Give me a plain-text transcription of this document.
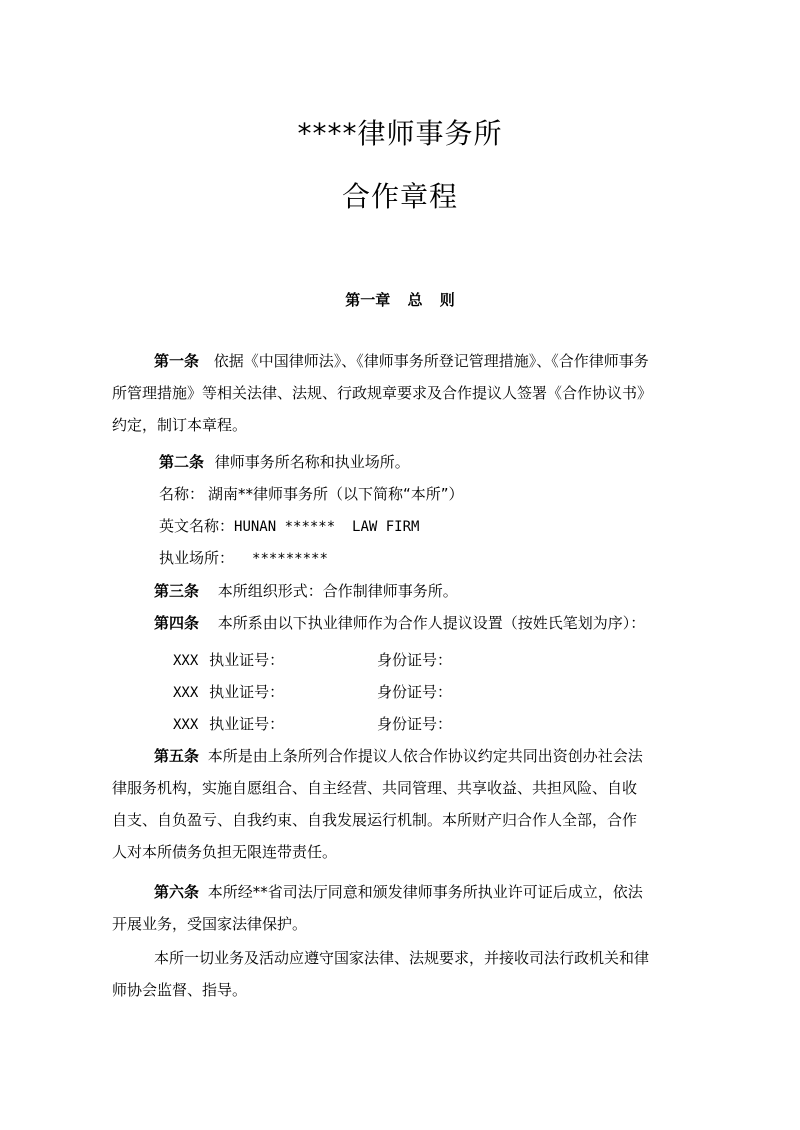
****律师事务所
合作章程
第一章 总 则
第一条 依据《中国律师法》、《律师事务所登记管理措施》、《合作律师事务
所管理措施》等相关法律、法规、行政规章要求及合作提议人签署《合作协议书》
约定，制订本章程。
第二条 律师事务所名称和执业场所。
名称： 湖南**律师事务所（以下简称“本所”）
英文名称：HUNAN ******  LAW FIRM
执业场所： *********
第三条 本所组织形式：合作制律师事务所。
第四条 本所系由以下执业律师作为合作人提议设置（按姓氏笔划为序）：
XXX 执业证号：	身份证号：
XXX 执业证号：	身份证号：
XXX 执业证号：	身份证号：
第五条 本所是由上条所列合作提议人依合作协议约定共同出资创办社会法
律服务机构，实施自愿组合、自主经营、共同管理、共享收益、共担风险、自收
自支、自负盈亏、自我约束、自我发展运行机制。本所财产归合作人全部，合作
人对本所债务负担无限连带责任。
第六条 本所经**省司法厅同意和颁发律师事务所执业许可证后成立，依法
开展业务，受国家法律保护。
本所一切业务及活动应遵守国家法律、法规要求，并接收司法行政机关和律
师协会监督、指导。
